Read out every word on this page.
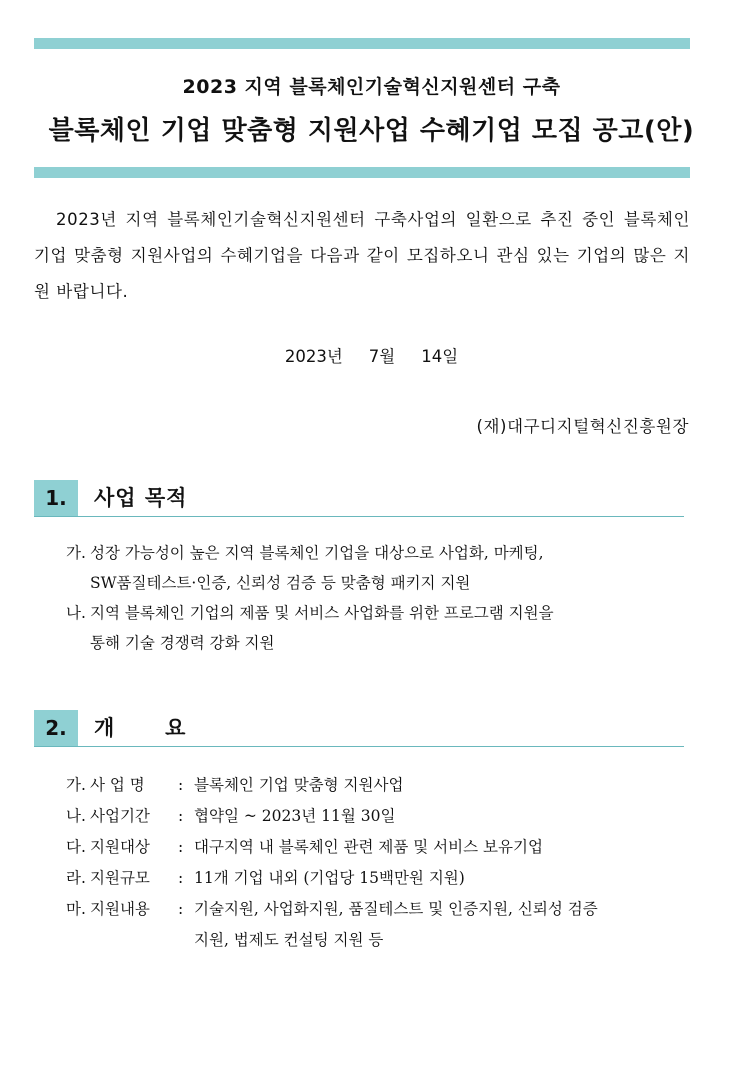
2023 지역 블록체인기술혁신지원센터 구축
블록체인 기업 맞춤형 지원사업 수혜기업 모집 공고(안)
2023년 지역 블록체인기술혁신지원센터 구축사업의 일환으로 추진 중인 블록체인 기업 맞춤형 지원사업의 수혜기업을 다음과 같이 모집하오니 관심 있는 기업의 많은 지원 바랍니다.
2023년 7월 14일
(재)대구디지털혁신진흥원장
1.	사업 목적
가. 성장 가능성이 높은 지역 블록체인 기업을 대상으로 사업화, 마케팅,
SW품질테스트·인증, 신뢰성 검증 등 맞춤형 패키지 지원
나. 지역 블록체인 기업의 제품 및 서비스 사업화를 위한 프로그램 지원을
통해 기술 경쟁력 강화 지원
2.	개      요
가. 사 업 명 : 블록체인 기업 맞춤형 지원사업
나. 사업기간 : 협약일 ~ 2023년 11월 30일
다. 지원대상 : 대구지역 내 블록체인 관련 제품 및 서비스 보유기업
라. 지원규모 : 11개 기업 내외 (기업당 15백만원 지원)
마. 지원내용 : 기술지원, 사업화지원, 품질테스트 및 인증지원, 신뢰성 검증
지원, 법제도 컨설팅 지원 등
